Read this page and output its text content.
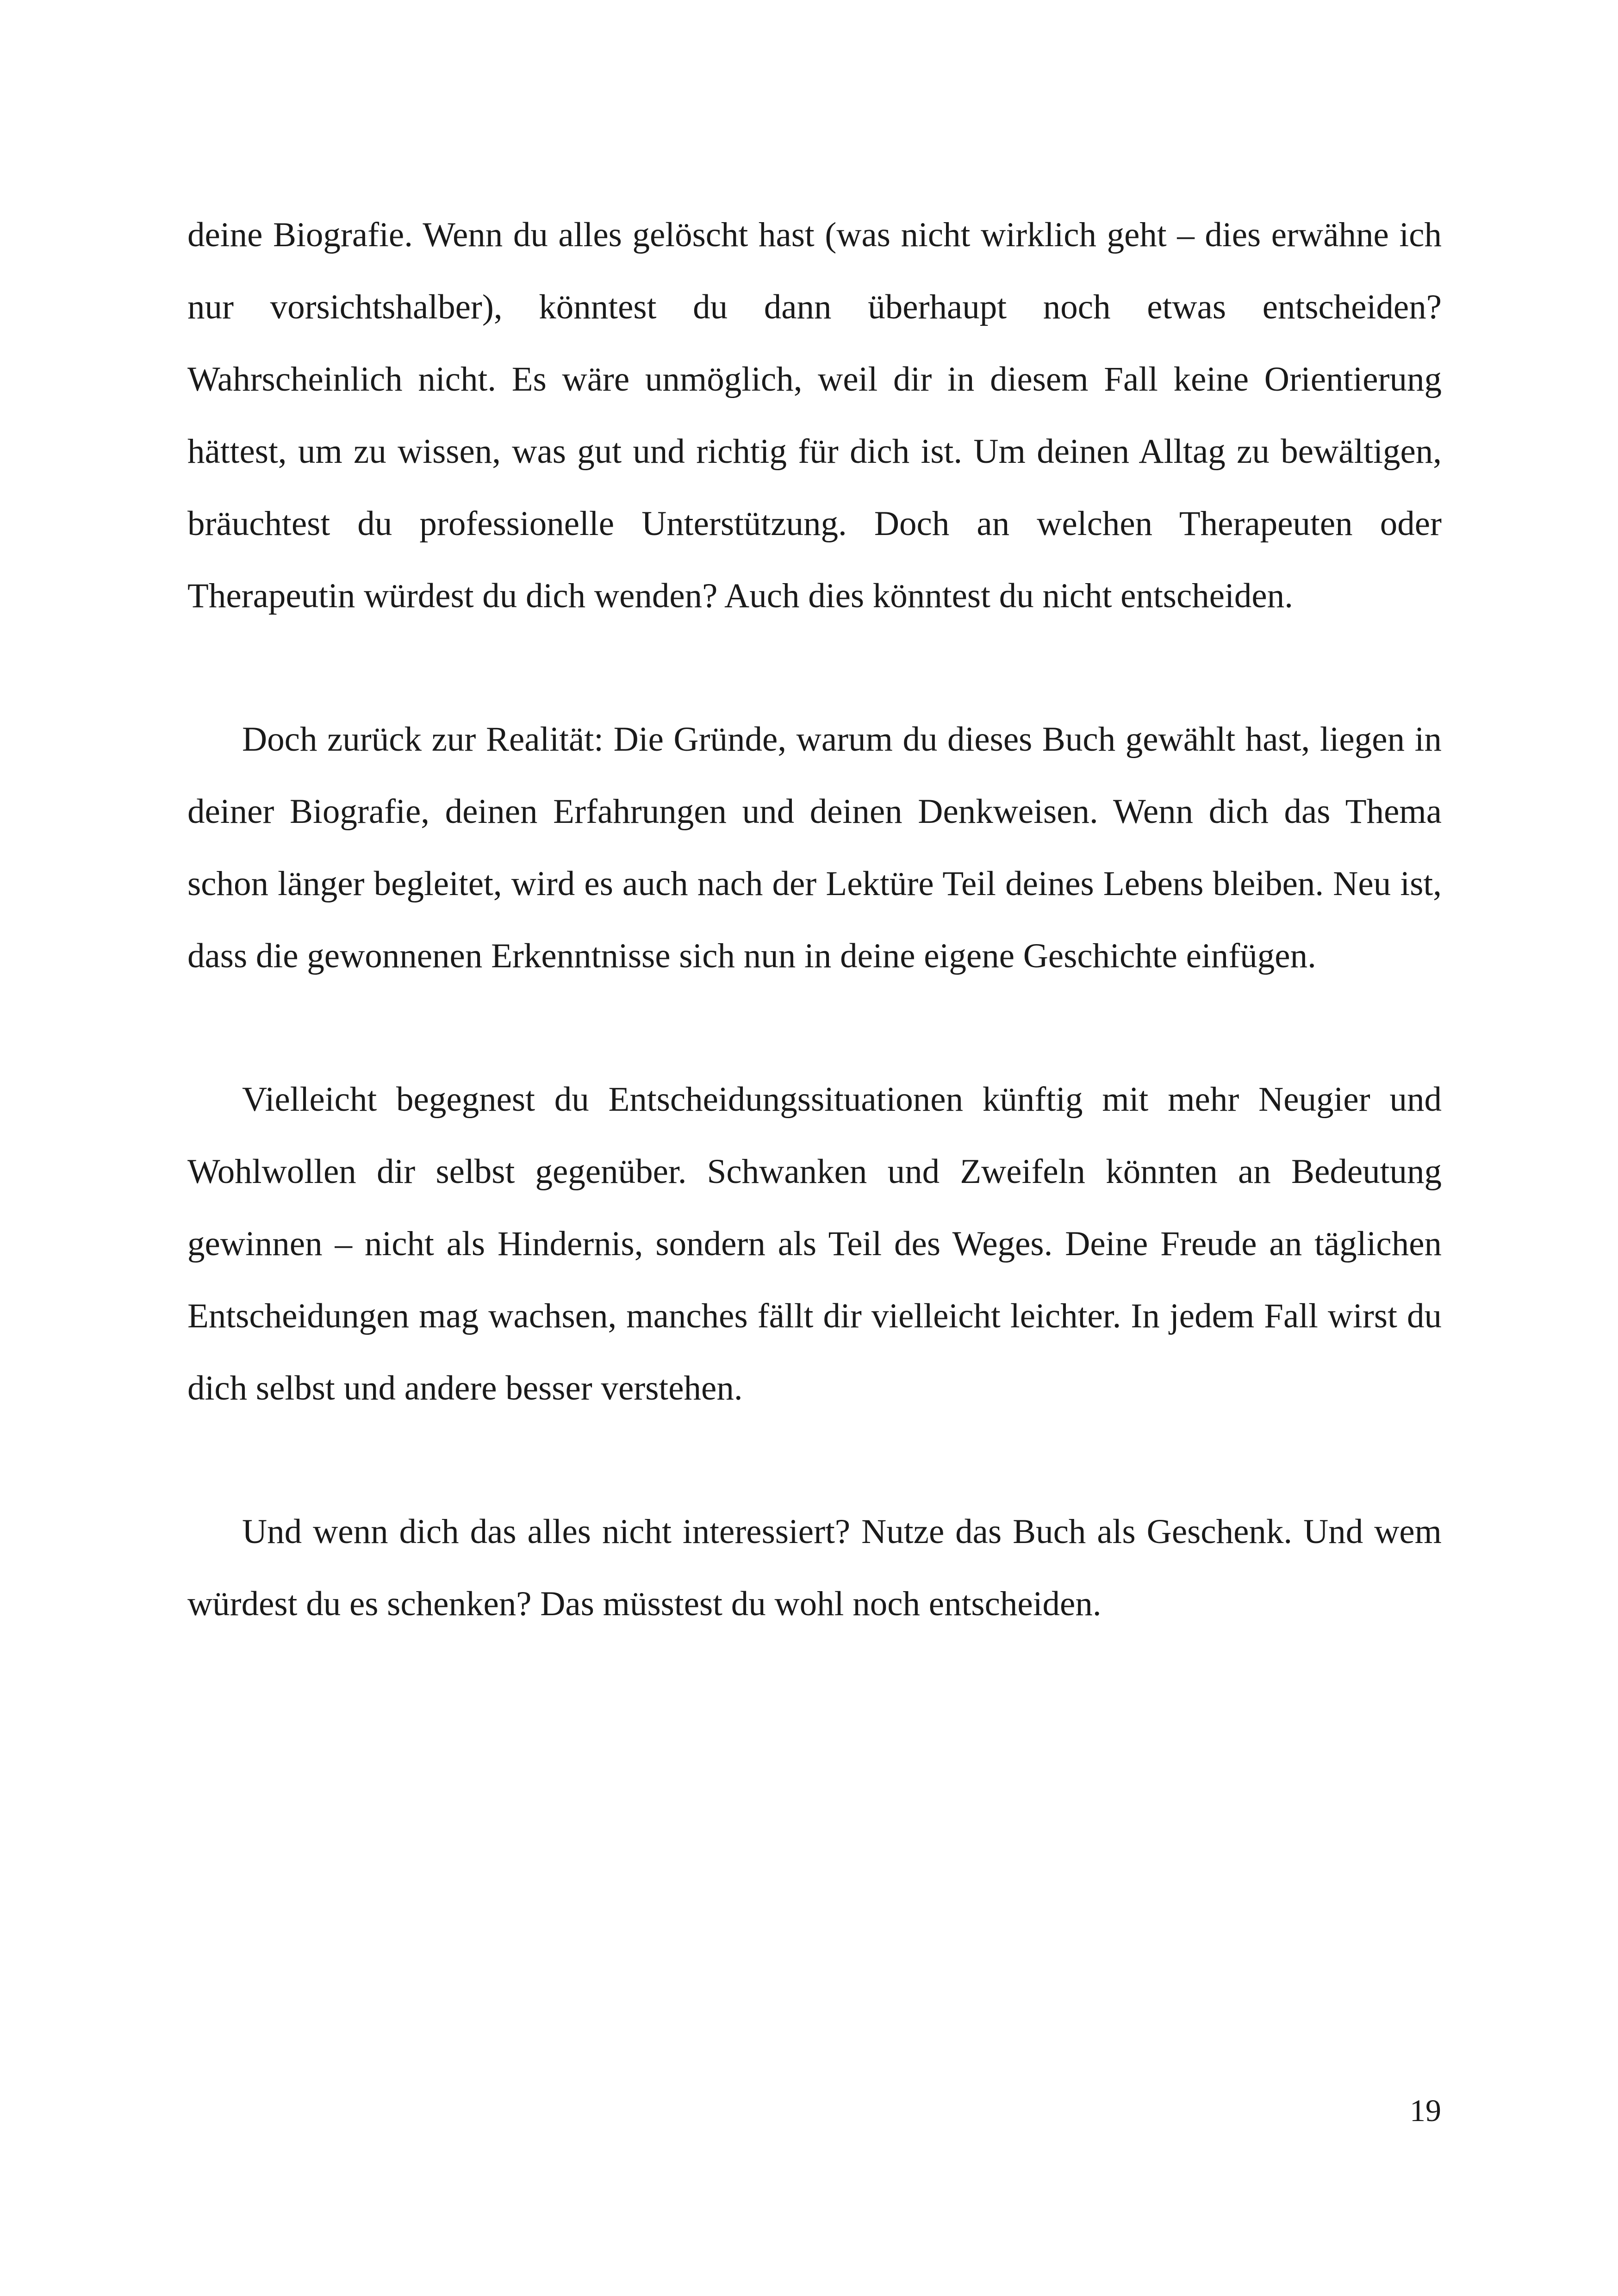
deine Biografie. Wenn du alles gelöscht hast (was nicht wirklich geht – dies erwähne ich nur vorsichtshalber), könntest du dann überhaupt noch etwas entscheiden? Wahrscheinlich nicht. Es wäre unmöglich, weil dir in diesem Fall keine Orientierung hättest, um zu wissen, was gut und richtig für dich ist. Um deinen Alltag zu bewältigen, bräuchtest du professionelle Unterstützung. Doch an welchen Therapeuten oder Therapeutin würdest du dich wenden? Auch dies könntest du nicht entscheiden.

Doch zurück zur Realität: Die Gründe, warum du dieses Buch gewählt hast, liegen in deiner Biografie, deinen Erfahrungen und deinen Denkweisen. Wenn dich das Thema schon länger begleitet, wird es auch nach der Lektüre Teil deines Lebens bleiben. Neu ist, dass die gewonnenen Erkenntnisse sich nun in deine eigene Geschichte einfügen.

Vielleicht begegnest du Entscheidungssituationen künftig mit mehr Neugier und Wohlwollen dir selbst gegenüber. Schwanken und Zweifeln könnten an Bedeutung gewinnen – nicht als Hindernis, sondern als Teil des Weges. Deine Freude an täglichen Entscheidungen mag wachsen, manches fällt dir vielleicht leichter. In jedem Fall wirst du dich selbst und andere besser verstehen.

Und wenn dich das alles nicht interessiert? Nutze das Buch als Geschenk. Und wem würdest du es schenken? Das müsstest du wohl noch entscheiden.

19
